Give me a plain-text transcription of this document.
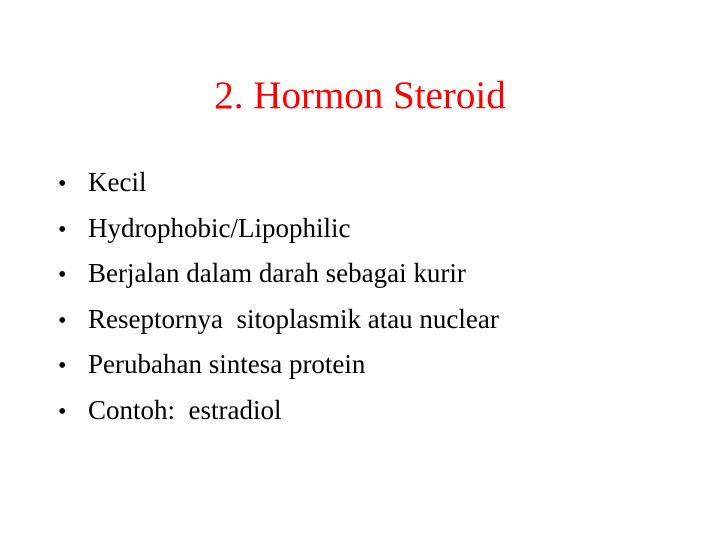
2. Hormon Steroid
• Kecil
• Hydrophobic/Lipophilic
• Berjalan dalam darah sebagai kurir
• Reseptornya  sitoplasmik atau nuclear
• Perubahan sintesa protein
• Contoh:  estradiol
